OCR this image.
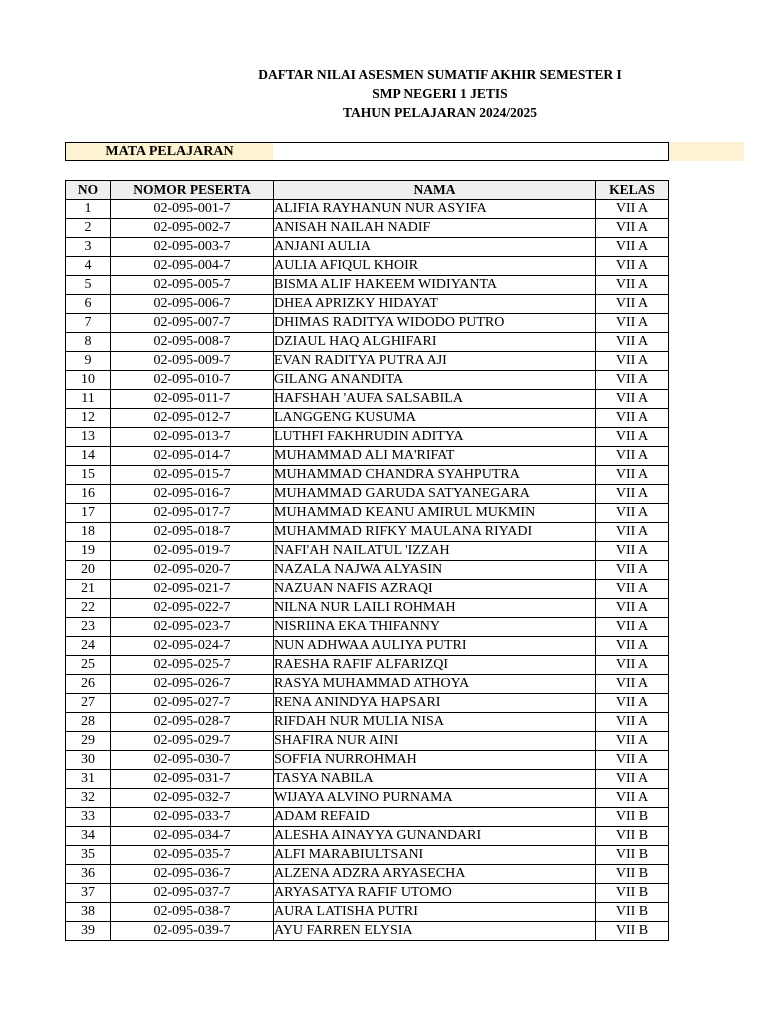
DAFTAR NILAI ASESMEN SUMATIF AKHIR SEMESTER I
SMP NEGERI 1 JETIS
TAHUN PELAJARAN 2024/2025
MATA PELAJARAN
NO	NOMOR PESERTA	NAMA	KELAS
1	02-095-001-7	ALIFIA RAYHANUN NUR ASYIFA	VII A
2	02-095-002-7	ANISAH NAILAH NADIF	VII A
3	02-095-003-7	ANJANI AULIA	VII A
4	02-095-004-7	AULIA AFIQUL KHOIR	VII A
5	02-095-005-7	BISMA ALIF HAKEEM WIDIYANTA	VII A
6	02-095-006-7	DHEA APRIZKY HIDAYAT	VII A
7	02-095-007-7	DHIMAS RADITYA WIDODO PUTRO	VII A
8	02-095-008-7	DZIAUL HAQ ALGHIFARI	VII A
9	02-095-009-7	EVAN RADITYA PUTRA AJI	VII A
10	02-095-010-7	GILANG ANANDITA	VII A
11	02-095-011-7	HAFSHAH 'AUFA SALSABILA	VII A
12	02-095-012-7	LANGGENG KUSUMA	VII A
13	02-095-013-7	LUTHFI FAKHRUDIN ADITYA	VII A
14	02-095-014-7	MUHAMMAD ALI MA'RIFAT	VII A
15	02-095-015-7	MUHAMMAD CHANDRA SYAHPUTRA	VII A
16	02-095-016-7	MUHAMMAD GARUDA SATYANEGARA	VII A
17	02-095-017-7	MUHAMMAD KEANU AMIRUL MUKMIN	VII A
18	02-095-018-7	MUHAMMAD RIFKY MAULANA RIYADI	VII A
19	02-095-019-7	NAFI'AH NAILATUL 'IZZAH	VII A
20	02-095-020-7	NAZALA NAJWA ALYASIN	VII A
21	02-095-021-7	NAZUAN NAFIS AZRAQI	VII A
22	02-095-022-7	NILNA NUR LAILI ROHMAH	VII A
23	02-095-023-7	NISRIINA EKA THIFANNY	VII A
24	02-095-024-7	NUN ADHWAA AULIYA PUTRI	VII A
25	02-095-025-7	RAESHA RAFIF ALFARIZQI	VII A
26	02-095-026-7	RASYA MUHAMMAD ATHOYA	VII A
27	02-095-027-7	RENA ANINDYA HAPSARI	VII A
28	02-095-028-7	RIFDAH NUR MULIA NISA	VII A
29	02-095-029-7	SHAFIRA NUR AINI	VII A
30	02-095-030-7	SOFFIA NURROHMAH	VII A
31	02-095-031-7	TASYA NABILA	VII A
32	02-095-032-7	WIJAYA ALVINO PURNAMA	VII A
33	02-095-033-7	ADAM REFAID	VII B
34	02-095-034-7	ALESHA AINAYYA GUNANDARI	VII B
35	02-095-035-7	ALFI MARABIULTSANI	VII B
36	02-095-036-7	ALZENA ADZRA ARYASECHA	VII B
37	02-095-037-7	ARYASATYA RAFIF UTOMO	VII B
38	02-095-038-7	AURA LATISHA PUTRI	VII B
39	02-095-039-7	AYU FARREN ELYSIA	VII B
